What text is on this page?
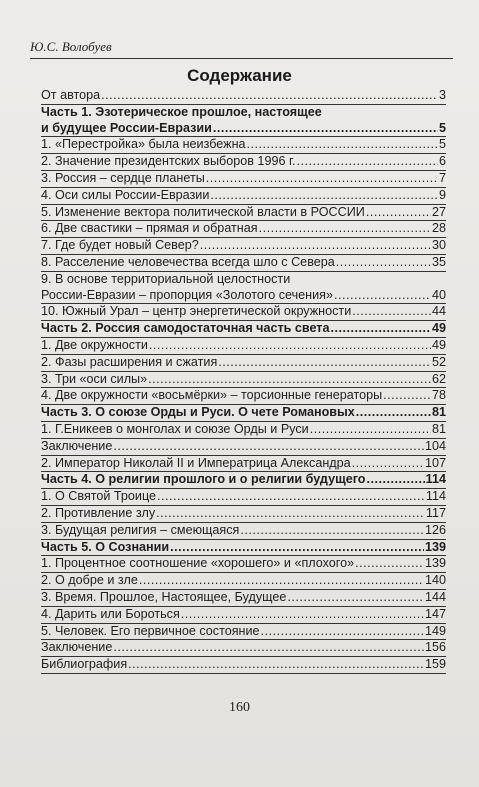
Ю.С. Волобуев
Содержание
От автора .....	3
Часть 1. Эзотерическое прошлое, настоящее
и будущее России-Евразии .....	5
1. «Перестройка» была неизбежна .....	5
2. Значение президентских выборов 1996 г. .....	6
3. Россия – сердце планеты .....	7
4. Оси силы России-Евразии .....	9
5. Изменение вектора политической власти в РОССИИ .....	27
6. Две свастики – прямая и обратная .....	28
7. Где будет новый Север? .....	30
8. Расселение человечества всегда шло с Севера .....	35
9. В основе территориальной целостности
России-Евразии – пропорция «Золотого сечения» .....	40
10. Южный Урал – центр энергетической окружности .....	44
Часть 2. Россия самодостаточная часть света .....	49
1. Две окружности .....	49
2. Фазы расширения и сжатия .....	52
3. Три «оси силы» .....	62
4. Две окружности «восьмёрки» – торсионные генераторы .....	78
Часть 3. О союзе Орды и Руси. О чете Романовых .....	81
1. Г.Еникеев о монголах и союзе Орды и Руси .....	81
Заключение .....	104
2. Император Николай II и Императрица Александра .....	107
Часть 4. О религии прошлого и о религии будущего .....	114
1. О Святой Троице .....	114
2. Противление злу .....	117
3. Будущая религия – смеющаяся .....	126
Часть 5. О Сознании .....	139
1. Процентное соотношение «хорошего» и «плохого» .....	139
2. О добре и зле .....	140
3. Время. Прошлое, Настоящее, Будущее .....	144
4. Дарить или Бороться .....	147
5. Человек. Его первичное состояние .....	149
Заключение .....	156
Библиография .....	159
160
